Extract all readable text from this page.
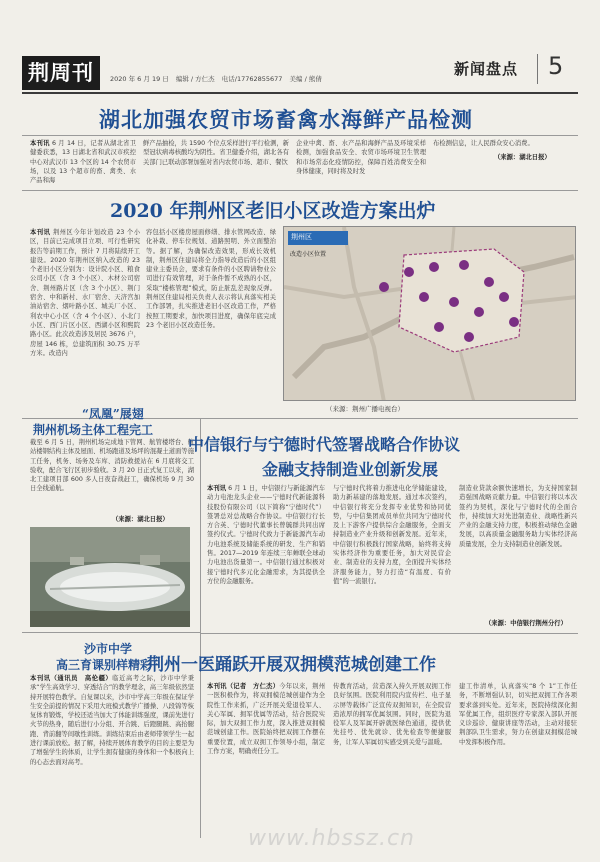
荆周刊	2020 年 6 月 19 日 编辑 / 方仁杰 电话/17762855677 美编 / 熊倩
新闻盘点 5
湖北加强农贸市场畜禽水海鲜产品检测
本刊讯 6 月 14 日，记者从湖北省卫健委获悉，13 日湖北省和武汉市疾控中心对武汉市 13 个区的 14 个农贸市场，以及 13 个超市的畜、禽类、水产品和海
鲜产品抽检，共 1590 个位点采样进行平行检测，新型冠状病毒核酸均为阴性。省卫健委介绍，湖北各有关部门已联动部署加强对省内农贸市场、超市、餐饮
企业中禽、畜、水产品和海鲜产品及环境采样检测，加强食品安全、农贸市场环境卫生管理和市场常态化疫情防控，保障百姓消费安全和身体健康，同时将及时发
布检测信息，让人民群众安心消费。
（来源：湖北日报）
2020 年荆州区老旧小区改造方案出炉
本刊讯 荆州区今年计划改造 23 个小区，目前已完成项目立项、可行性研究报告等前期工作，预计 7 月将陆续开工建设。2020 年荆州区纳入改造的 23 个老旧小区分别为：设计院小区、粮食公司小区（含 3 个小区）、木材公司宿舍、荆州路片区（含 3 个小区）、荆门宿舍、中和新村、水厂宿舍、天济宫加油站宿舍、烟叶路小区、城关厂小区、利农中心小区（含 4 个小区）、小北门小区、西门片区小区、西湖小区和熙院路小区。此次改造涉及居民 3676 户，房屋 146 栋，总建筑面积 30.75 万平方米。改造内
容包括小区楼房屋面修缮、排水管网改造、绿化补栽、停车位规划、道路照明、外立面整治等。据了解，为确保改造效果，形成长效机制，荆州区住建局将全力指导改造后的小区组建业主委员会，要求有条件的小区聘请物业公司进行有效管理，对于条件暂不成熟的小区，采取“楼栋管理”模式，防止脏乱差现象反弹。荆州区住建局相关负责人表示将认真落实相关工作部署，扎实推进老旧小区改造工作，严格按照工期要求，加快项目进度，确保年底完成 23 个老旧小区改造任务。
荆州区
改造小区位置
（来源：荆州广播电视台）
“凤凰”展翅
荆州机场主体工程完工
截至 6 月 5 日，荆州机场完成地下管网、航管楼塔台、航站楼钢结构主体及屋面、机场跑道及场坪的混凝土道面等施工任务，机务、场务及车库、消防救援站在 6 月底将交工验收，配合飞行区初步验收。3 月 20 日正式复工以来，湖北工建项目部 600 多人日夜奋战赶工，确保机场 9 月 30 日全线通航。
（来源：湖北日报）
沙市中学
高三育课别样精彩
本刊讯（通讯员　高伦疆）临近高考之际，沙市中学秉承“学生高效学习、穿透结合”的教学理念，高三年级依然坚持开展特色教学。自复课以来，沙市中学高三年级在保证学生安全前提的情况下采用大班模式教学广播操、八段锦等恢复体育锻炼，学校还适当加大了体能训练强度，课前先进行火节的热身，随后进行小分组、开合跳、后蹬腿跳、高抬腿跑、背前翻等间歇性训练。训练结束后由老师带领学生一起进行课前放松。据了解，持续开展体育教学的目的主要是为了增强学生的体质，让学生拥有健康的身体和一个积极向上的心态去面对高考。
中信银行与宁德时代签署战略合作协议
金融支持制造业创新发展
本刊讯 6 月 1 日，中信银行与新能源汽车动力电池龙头企业——宁德时代新能源科技股份有限公司（以下简称“宁德时代”）签署总对总战略合作协议。中信银行行长方合英、宁德时代董事长曾毓群共同出席签约仪式。宁德时代致力于新能源汽车动力电池系统及储能系统的研发、生产和销售。2017—2019 年连续三年蝉联全球动力电池出货量第一。中信银行通过积极对接宁德时代多元化金融需求，为其提供全方位的金融服务。
与宁德时代将着力推进电化学储能建设，助力新基建的落地发展。通过本次签约，中信银行将充分发挥专业优势和协同优势，与中信集团成员单位共同为宁德时代及上下游客户提供综合金融服务，全面支持制造业产业升级和创新发展。近年来，中信银行积极践行国家战略，始终将支持实体经济作为重要任务，加大对民营企业、制造业的支持力度，全面提升实体经济服务能力，努力打造“有温度、有价值”的一流银行。
制造业贷款余额快速增长，为支持国家制造强国战略贡献力量。中信银行将以本次签约为契机，深化与宁德时代的全面合作，持续加大对先进制造业、战略性新兴产业的金融支持力度，积极推动绿色金融发展，以高质量金融服务助力实体经济高质量发展，全力支持制造业创新发展。
（来源：中信银行荆州分行）
荆州一医踊跃开展双拥模范城创建工作
本刊讯（记者　方仁杰）今年以来，荆州一医积极作为，将双拥模范城创建作为全院性工作来抓，广泛开展关爱退役军人、关心军属、拥军优属等活动，结合医院实际，加大双拥工作力度，深入推进双拥模范城创建工作。医院始终把双拥工作摆在重要位置，成立双拥工作领导小组，制定工作方案，明确责任分工。
传教育活动，营造深入持久开展双拥工作良好氛围。医院利用院内宣传栏、电子显示屏等载体广泛宣传双拥知识，在全院营造浓厚的拥军优属氛围。同时，医院为退役军人及军属开辟就医绿色通道，提供优先挂号、优先就诊、优先检查等便捷服务，让军人军属切实感受到关爱与温暖。
建工作清单，认真落实“8 个 1”工作任务，不断增强认识，切实把双拥工作各项要求落到实处。近年来，医院持续深化拥军优属工作，组织医疗专家深入部队开展义诊巡诊、健康讲座等活动，主动对接驻荆部队卫生需求，努力在创建双拥模范城中发挥积极作用。
www.hbssz.cn
